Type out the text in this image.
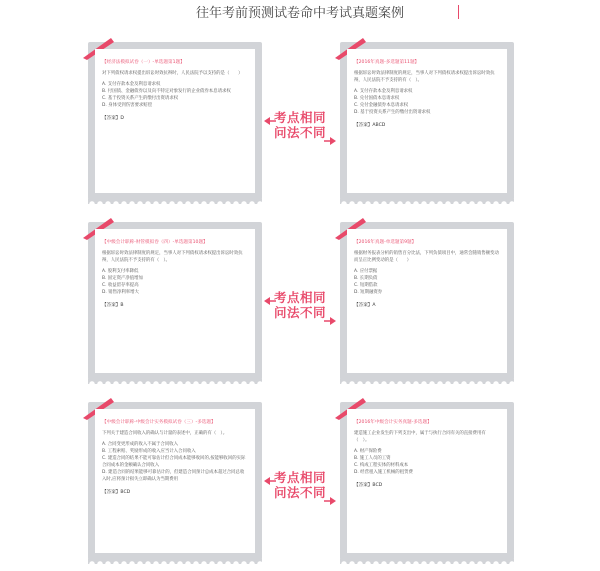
往年考前预测试卷命中考试真题案例
【经济法模拟试卷（一）-单选题第1题】
对下列债权请求权提出诉讼时效抗辩时，人民法院予以支持的是（　　）
A. 支付存款本金及利息请求权
B. 付国债、金融债券以及向不特定对象发行的企业债券本息请求权
C. 基于投资关系产生的缴付出资请求权
D. 身体受到伤害要求赔偿
【答案】D	考点相同
问法不同
【2016年真题-多选题第11题】
根据诉讼时效法律制度的规定，当事人对下列债权请求权提出诉讼时效抗辩，人民法院不予支持的有（　）。
A. 支付存款本金及利息请求权
B. 兑付国债本息请求权
C. 兑付金融债券本息请求权
D. 基于投资关系产生的缴付出资请求权
【答案】ABCD
【中级会计职称-财管模拟卷（四）-单选题第10题】
根据诉讼时效法律制度的规定，当事人对下列债权请求权提出诉讼时效抗辩，人民法院不予支持的有（　）。
A. 股利支付率降低
B. 固定资产净值增加
C. 收益留存率提高
D. 销售净利率增大
【答案】B
考点相同
问法不同
【2016年真题-单选题第9题】
根据财务报表分析的销售百分比法，下列负债项目中，通常会随销售额变动而呈正比例变动的是（　　）
A. 应付票据
B. 长期负债
C. 短期借款
D. 短期融资券
【答案】A
【中级会计职称-中级会计实务模拟试卷（三）-多选题】
下列关于建造合同收入的确认与计量的表述中，正确的有（　）。
A. 合同变更形成的收入不属于合同收入
B. 工程索赔、奖励形成的收入应当计入合同收入
C. 建造合同的结果不能可靠估计但合同成本能够收回的,按能够收回的实际合同成本的金额确认合同收入
D. 建造合同的结果能够可靠估计的，但建造合同预计总成本超过合同总收入时,应将预计损失立即确认为当期费用
【答案】BCD
考点相同
问法不同
【2016年中级会计实务真题-多选题】
建造施工企业发生的下列支出中，属于与执行合同有关的直接费用有（　）。
A. 财产保险费
B. 施工人员的工资
C. 构成工程实体的材料成本
D. 经营租入施工机械的租赁费
【答案】BCD
